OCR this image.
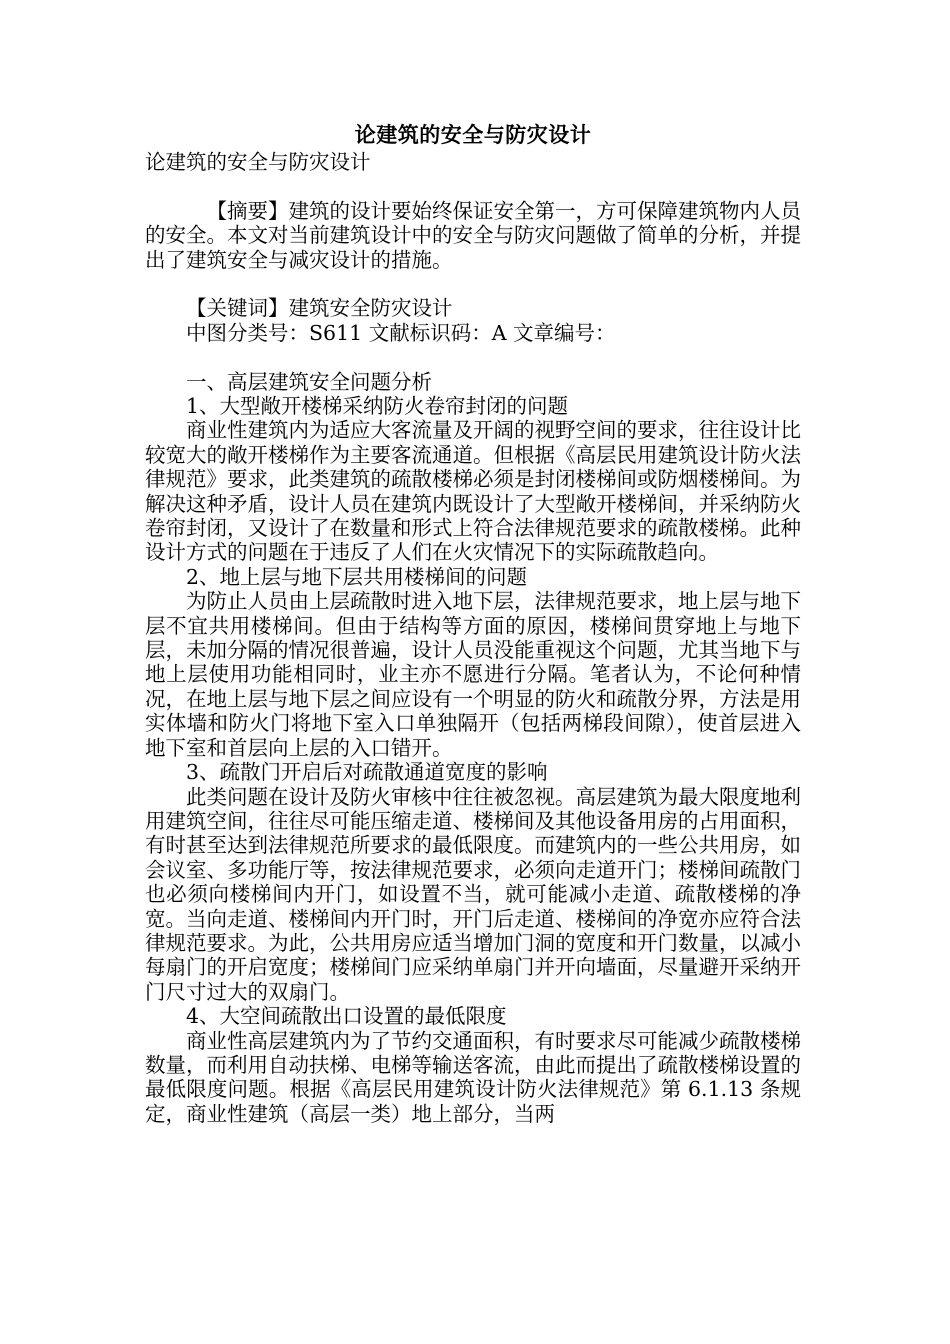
论建筑的安全与防灾设计

论建筑的安全与防灾设计

【摘要】建筑的设计要始终保证安全第一，方可保障建筑物内人员的安全。本文对当前建筑设计中的安全与防灾问题做了简单的分析，并提出了建筑安全与减灾设计的措施。

【关键词】建筑安全防灾设计

中图分类号：S611 文献标识码：A 文章编号：

一、高层建筑安全问题分析

1、大型敞开楼梯采纳防火卷帘封闭的问题

商业性建筑内为适应大客流量及开阔的视野空间的要求，往往设计比较宽大的敞开楼梯作为主要客流通道。但根据《高层民用建筑设计防火法律规范》要求，此类建筑的疏散楼梯必须是封闭楼梯间或防烟楼梯间。为解决这种矛盾，设计人员在建筑内既设计了大型敞开楼梯间，并采纳防火卷帘封闭，又设计了在数量和形式上符合法律规范要求的疏散楼梯。此种设计方式的问题在于违反了人们在火灾情况下的实际疏散趋向。

2、地上层与地下层共用楼梯间的问题

为防止人员由上层疏散时进入地下层，法律规范要求，地上层与地下层不宜共用楼梯间。但由于结构等方面的原因，楼梯间贯穿地上与地下层，未加分隔的情况很普遍，设计人员没能重视这个问题，尤其当地下与地上层使用功能相同时，业主亦不愿进行分隔。笔者认为，不论何种情况，在地上层与地下层之间应设有一个明显的防火和疏散分界，方法是用实体墙和防火门将地下室入口单独隔开（包括两梯段间隙），使首层进入地下室和首层向上层的入口错开。

3、疏散门开启后对疏散通道宽度的影响

此类问题在设计及防火审核中往往被忽视。高层建筑为最大限度地利用建筑空间，往往尽可能压缩走道、楼梯间及其他设备用房的占用面积，有时甚至达到法律规范所要求的最低限度。而建筑内的一些公共用房，如会议室、多功能厅等，按法律规范要求，必须向走道开门；楼梯间疏散门也必须向楼梯间内开门，如设置不当，就可能减小走道、疏散楼梯的净宽。当向走道、楼梯间内开门时，开门后走道、楼梯间的净宽亦应符合法律规范要求。为此，公共用房应适当增加门洞的宽度和开门数量，以减小每扇门的开启宽度；楼梯间门应采纳单扇门并开向墙面，尽量避开采纳开门尺寸过大的双扇门。

4、大空间疏散出口设置的最低限度

商业性高层建筑内为了节约交通面积，有时要求尽可能减少疏散楼梯数量，而利用自动扶梯、电梯等输送客流，由此而提出了疏散楼梯设置的最低限度问题。根据《高层民用建筑设计防火法律规范》第 6.1.13 条规定，商业性建筑（高层一类）地上部分，当两
